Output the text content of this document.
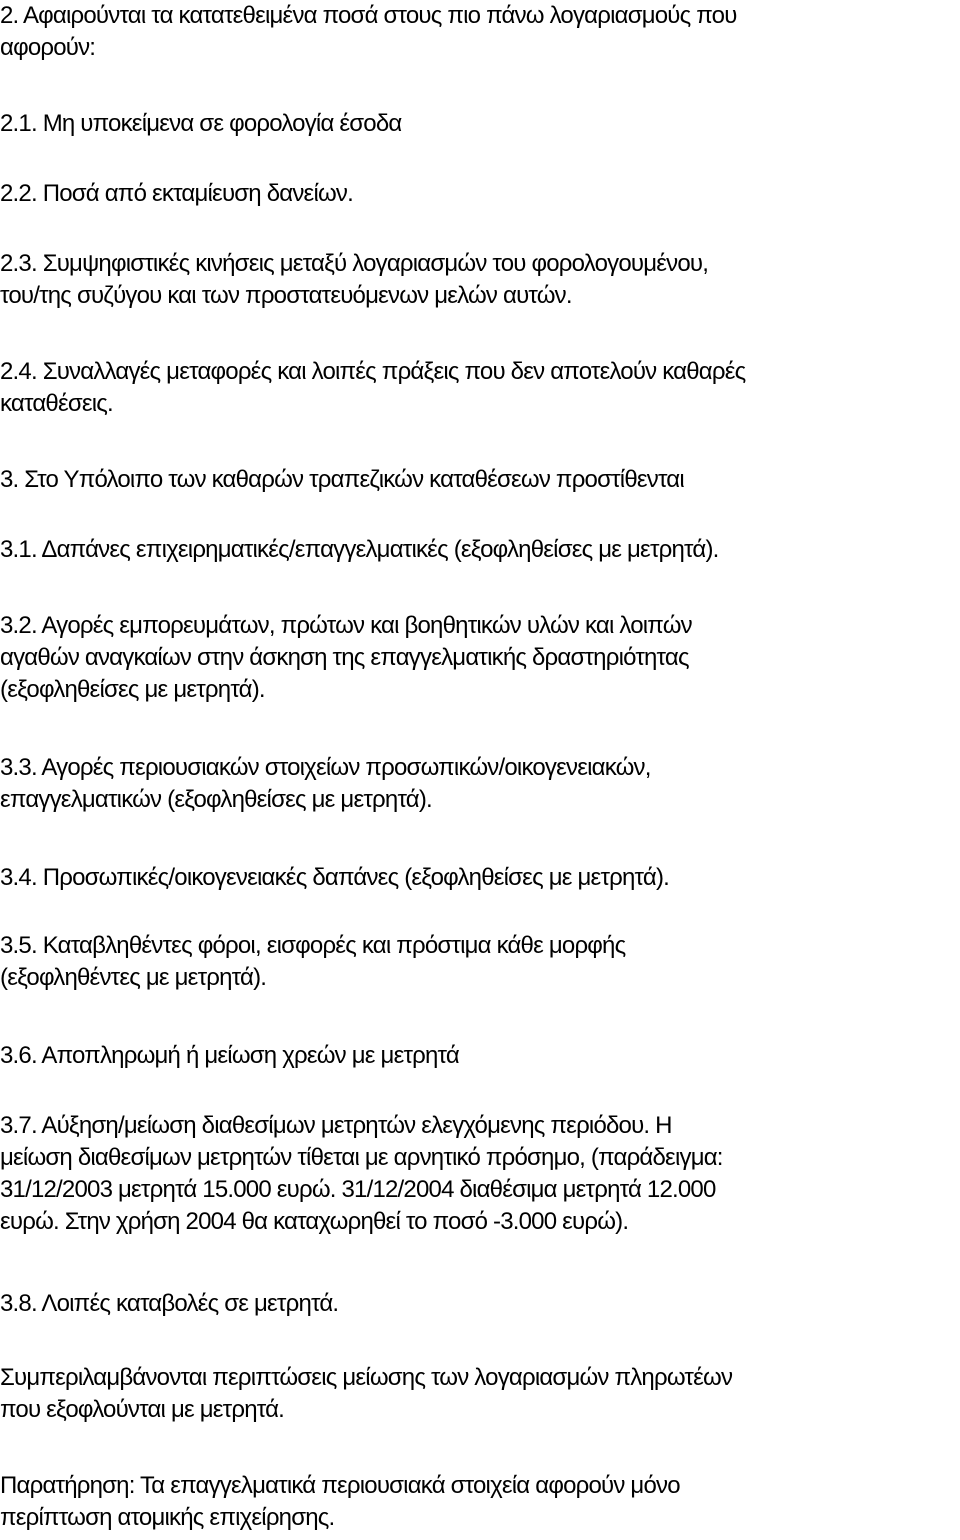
2. Αφαιρούνται τα κατατεθειμένα ποσά στους πιο πάνω λογαριασμούς που
αφορούν:

2.1. Μη υποκείμενα σε φορολογία έσοδα

2.2. Ποσά από εκταμίευση δανείων.

2.3. Συμψηφιστικές κινήσεις μεταξύ λογαριασμών του φορολογουμένου,
του/της συζύγου και των προστατευόμενων μελών αυτών.

2.4. Συναλλαγές μεταφορές και λοιπές πράξεις που δεν αποτελούν καθαρές
καταθέσεις.

3. Στο Υπόλοιπο των καθαρών τραπεζικών καταθέσεων προστίθενται

3.1. Δαπάνες επιχειρηματικές/επαγγελματικές (εξοφληθείσες με μετρητά).

3.2. Αγορές εμπορευμάτων, πρώτων και βοηθητικών υλών και λοιπών
αγαθών αναγκαίων στην άσκηση της επαγγελματικής δραστηριότητας
(εξοφληθείσες με μετρητά).

3.3. Αγορές περιουσιακών στοιχείων προσωπικών/οικογενειακών,
επαγγελματικών (εξοφληθείσες με μετρητά).

3.4. Προσωπικές/οικογενειακές δαπάνες (εξοφληθείσες με μετρητά).

3.5. Καταβληθέντες φόροι, εισφορές και πρόστιμα κάθε μορφής
(εξοφληθέντες με μετρητά).

3.6. Αποπληρωμή ή μείωση χρεών με μετρητά

3.7. Αύξηση/μείωση διαθεσίμων μετρητών ελεγχόμενης περιόδου. Η
μείωση διαθεσίμων μετρητών τίθεται με αρνητικό πρόσημο, (παράδειγμα:
31/12/2003 μετρητά 15.000 ευρώ. 31/12/2004 διαθέσιμα μετρητά 12.000
ευρώ. Στην χρήση 2004 θα καταχωρηθεί το ποσό -3.000 ευρώ).

3.8. Λοιπές καταβολές σε μετρητά.

Συμπεριλαμβάνονται περιπτώσεις μείωσης των λογαριασμών πληρωτέων
που εξοφλούνται με μετρητά.

Παρατήρηση: Τα επαγγελματικά περιουσιακά στοιχεία αφορούν μόνο
περίπτωση ατομικής επιχείρησης.
